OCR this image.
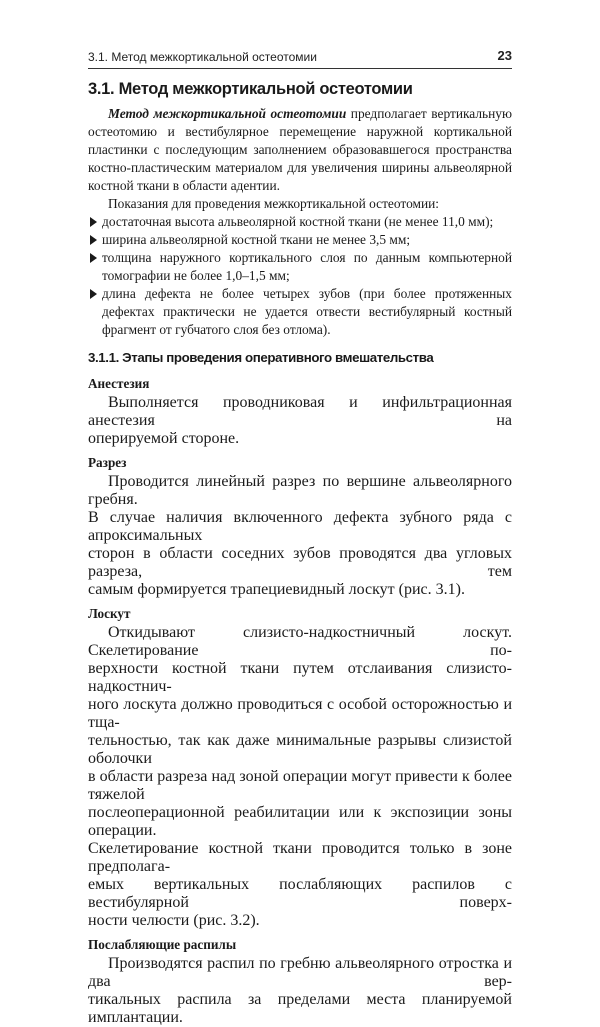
3.1. Метод межкортикальной остеотомии	23
3.1. Метод межкортикальной остеотомии

Метод межкортикальной остеотомии предполагает вертикальную остеотомию и вестибулярное перемещение наружной кортикальной пластинки с последующим заполнением образовавшегося пространства костно-пластическим материалом для увеличения ширины альвеолярной костной ткани в области адентии.

Показания для проведения межкортикальной остеотомии:

достаточная высота альвеолярной костной ткани (не менее 11,0 мм);
ширина альвеолярной костной ткани не менее 3,5 мм;
толщина наружного кортикального слоя по данным компьютерной томографии не более 1,0–1,5 мм;
длина дефекта не более четырех зубов (при более протяженных дефектах практически не удается отвести вестибулярный костный фрагмент от губчатого слоя без отлома).
3.1.1. Этапы проведения оперативного вмешательства
Анестезия
Выполняется проводниковая и инфильтрационная анестезия на
оперируемой стороне.
Разрез
Проводится линейный разрез по вершине альвеолярного гребня.
В случае наличия включенного дефекта зубного ряда с апроксимальных
сторон в области соседних зубов проводятся два угловых разреза, тем
самым формируется трапециевидный лоскут (рис. 3.1).
Лоскут
Откидывают слизисто-надкостничный лоскут. Скелетирование по-
верхности костной ткани путем отслаивания слизисто-надкостнич-
ного лоскута должно проводиться с особой осторожностью и тща-
тельностью, так как даже минимальные разрывы слизистой оболочки
в области разреза над зоной операции могут привести к более тяжелой
послеоперационной реабилитации или к экспозиции зоны операции.
Скелетирование костной ткани проводится только в зоне предполага-
емых вертикальных послабляющих распилов с вестибулярной поверх-
ности челюсти (рис. 3.2).
Послабляющие распилы
Производятся распил по гребню альвеолярного отростка и два вер-
тикальных распила за пределами места планируемой имплантации.
